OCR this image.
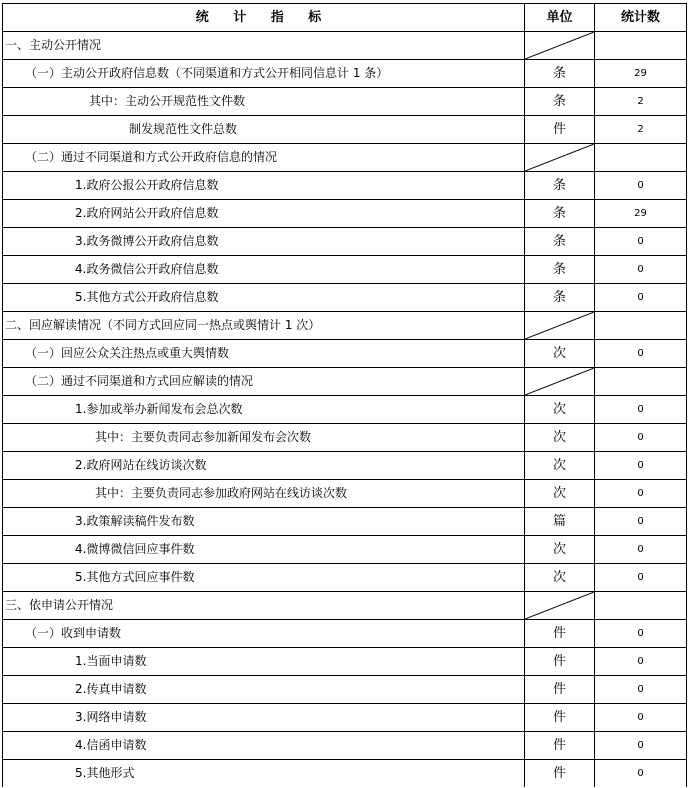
统 计 指 标	单位	统计数
一、主动公开情况	

（一）主动公开政府信息数（不同渠道和方式公开相同信息计 1 条）	条	29
其中：主动公开规范性文件数	条	2
制发规范性文件总数	件	2
（二）通过不同渠道和方式公开政府信息的情况	

1.政府公报公开政府信息数	条	0
2.政府网站公开政府信息数	条	29
3.政务微博公开政府信息数	条	0
4.政务微信公开政府信息数	条	0
5.其他方式公开政府信息数	条	0
二、回应解读情况（不同方式回应同一热点或舆情计 1 次）	

（一）回应公众关注热点或重大舆情数	次	0
（二）通过不同渠道和方式回应解读的情况	

1.参加或举办新闻发布会总次数	次	0
其中：主要负责同志参加新闻发布会次数	次	0
2.政府网站在线访谈次数	次	0
其中：主要负责同志参加政府网站在线访谈次数	次	0
3.政策解读稿件发布数	篇	0
4.微博微信回应事件数	次	0
5.其他方式回应事件数	次	0
三、依申请公开情况	

（一）收到申请数	件	0
1.当面申请数	件	0
2.传真申请数	件	0
3.网络申请数	件	0
4.信函申请数	件	0
5.其他形式	件	0
